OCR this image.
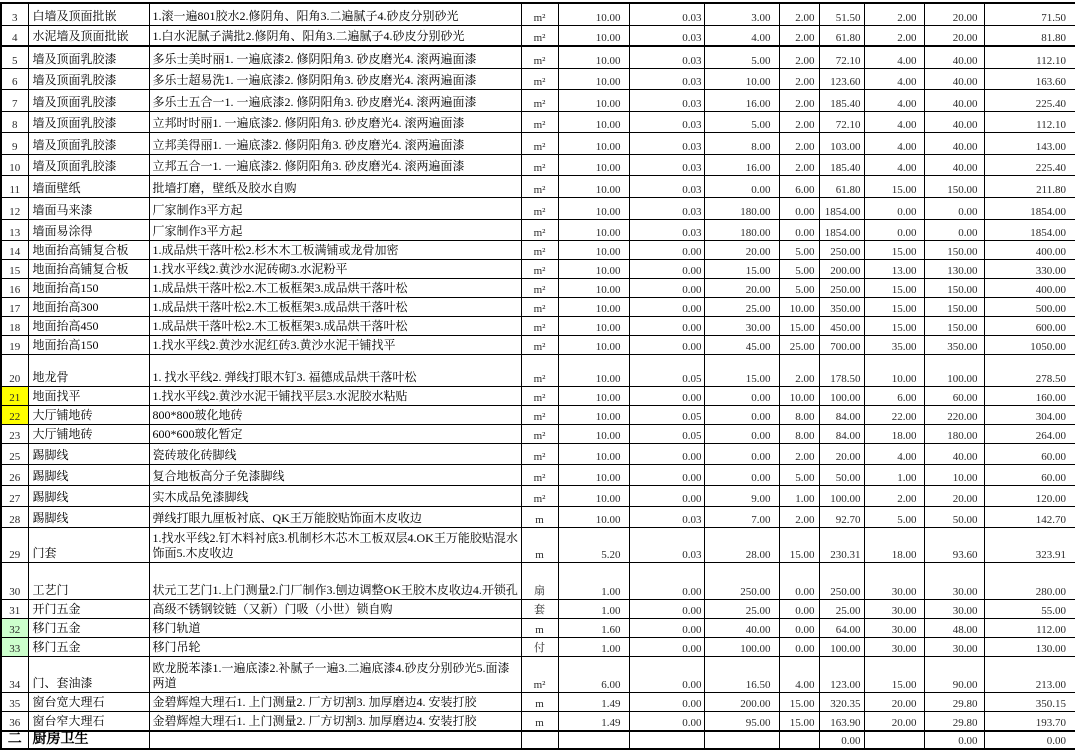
3	白墙及顶面批嵌	1.滚一遍801胶水2.修阴角、阳角3.二遍腻子4.砂皮分别砂光	m²	10.00	0.03	3.00	2.00	51.50	2.00	20.00	71.50
4	水泥墙及顶面批嵌	1.白水泥腻子满批2.修阴角、阳角3.二遍腻子4.砂皮分别砂光	m²	10.00	0.03	4.00	2.00	61.80	2.00	20.00	81.80
5	墙及顶面乳胶漆	多乐士美时丽1. 一遍底漆2. 修阴阳角3. 砂皮磨光4. 滚两遍面漆	m²	10.00	0.03	5.00	2.00	72.10	4.00	40.00	112.10
6	墙及顶面乳胶漆	多乐士超易洗1. 一遍底漆2. 修阴阳角3. 砂皮磨光4. 滚两遍面漆	m²	10.00	0.03	10.00	2.00	123.60	4.00	40.00	163.60
7	墙及顶面乳胶漆	多乐士五合一1. 一遍底漆2. 修阴阳角3. 砂皮磨光4. 滚两遍面漆	m²	10.00	0.03	16.00	2.00	185.40	4.00	40.00	225.40
8	墙及顶面乳胶漆	立邦时时丽1. 一遍底漆2. 修阴阳角3. 砂皮磨光4. 滚两遍面漆	m²	10.00	0.03	5.00	2.00	72.10	4.00	40.00	112.10
9	墙及顶面乳胶漆	立邦美得丽1. 一遍底漆2. 修阴阳角3. 砂皮磨光4. 滚两遍面漆	m²	10.00	0.03	8.00	2.00	103.00	4.00	40.00	143.00
10	墙及顶面乳胶漆	立邦五合一1. 一遍底漆2. 修阴阳角3. 砂皮磨光4. 滚两遍面漆	m²	10.00	0.03	16.00	2.00	185.40	4.00	40.00	225.40
11	墙面壁纸	批墙打磨，壁纸及胶水自购	m²	10.00	0.03	0.00	6.00	61.80	15.00	150.00	211.80
12	墙面马来漆	厂家制作3平方起	m²	10.00	0.03	180.00	0.00	1854.00	0.00	0.00	1854.00
13	墙面易涂得	厂家制作3平方起	m²	10.00	0.03	180.00	0.00	1854.00	0.00	0.00	1854.00
14	地面抬高铺复合板	1.成品烘干落叶松2.杉木木工板满铺或龙骨加密	m²	10.00	0.00	20.00	5.00	250.00	15.00	150.00	400.00
15	地面抬高铺复合板	1.找水平线2.黄沙水泥砖砌3.水泥粉平	m²	10.00	0.00	15.00	5.00	200.00	13.00	130.00	330.00
16	地面抬高150	1.成品烘干落叶松2.木工板框架3.成品烘干落叶松	m²	10.00	0.00	20.00	5.00	250.00	15.00	150.00	400.00
17	地面抬高300	1.成品烘干落叶松2.木工板框架3.成品烘干落叶松	m²	10.00	0.00	25.00	10.00	350.00	15.00	150.00	500.00
18	地面抬高450	1.成品烘干落叶松2.木工板框架3.成品烘干落叶松	m²	10.00	0.00	30.00	15.00	450.00	15.00	150.00	600.00
19	地面抬高150	1.找水平线2.黄沙水泥红砖3.黄沙水泥干铺找平	m²	10.00	0.00	45.00	25.00	700.00	35.00	350.00	1050.00
20	地龙骨	1. 找水平线2. 弹线打眼木钉3. 福德成品烘干落叶松	m²	10.00	0.05	15.00	2.00	178.50	10.00	100.00	278.50
21	地面找平	1.找水平线2.黄沙水泥干铺找平层3.水泥胶水粘贴	m²	10.00	0.00	0.00	10.00	100.00	6.00	60.00	160.00
22	大厅铺地砖	800*800玻化地砖	m²	10.00	0.05	0.00	8.00	84.00	22.00	220.00	304.00
23	大厅铺地砖	600*600玻化暂定	m²	10.00	0.05	0.00	8.00	84.00	18.00	180.00	264.00
25	踢脚线	瓷砖玻化砖脚线	m²	10.00	0.00	0.00	2.00	20.00	4.00	40.00	60.00
26	踢脚线	复合地板高分子免漆脚线	m²	10.00	0.00	0.00	5.00	50.00	1.00	10.00	60.00
27	踢脚线	实木成品免漆脚线	m²	10.00	0.00	9.00	1.00	100.00	2.00	20.00	120.00
28	踢脚线	弹线打眼九厘板衬底、QK王万能胶贴饰面木皮收边	m	10.00	0.03	7.00	2.00	92.70	5.00	50.00	142.70
29	门套	1.找水平线2.钉木料衬底3.机制杉木芯木工板双层4.OK王万能胶贴混水饰面5.木皮收边	m	5.20	0.03	28.00	15.00	230.31	18.00	93.60	323.91
30	工艺门	状元工艺门1.上门测量2.门厂制作3.刨边调整OK王胶木皮收边4.开锁孔	扇	1.00	0.00	250.00	0.00	250.00	30.00	30.00	280.00
31	开门五金	高级不锈钢铰链（又新）门吸（小世）锁自购	套	1.00	0.00	25.00	0.00	25.00	30.00	30.00	55.00
32	移门五金	移门轨道	m	1.60	0.00	40.00	0.00	64.00	30.00	48.00	112.00
33	移门五金	移门吊轮	付	1.00	0.00	100.00	0.00	100.00	30.00	30.00	130.00
34	门、套油漆	欧龙脱苯漆1.一遍底漆2.补腻子一遍3.二遍底漆4.砂皮分别砂光5.面漆两道	m²	6.00	0.00	16.50	4.00	123.00	15.00	90.00	213.00
35	窗台宽大理石	金碧辉煌大理石1. 上门测量2. 厂方切割3. 加厚磨边4. 安装打胶	m	1.49	0.00	200.00	15.00	320.35	20.00	29.80	350.15
36	窗台窄大理石	金碧辉煌大理石1. 上门测量2. 厂方切割3. 加厚磨边4. 安装打胶	m	1.49	0.00	95.00	15.00	163.90	20.00	29.80	193.70
二	厨房卫生							0.00		0.00	0.00
